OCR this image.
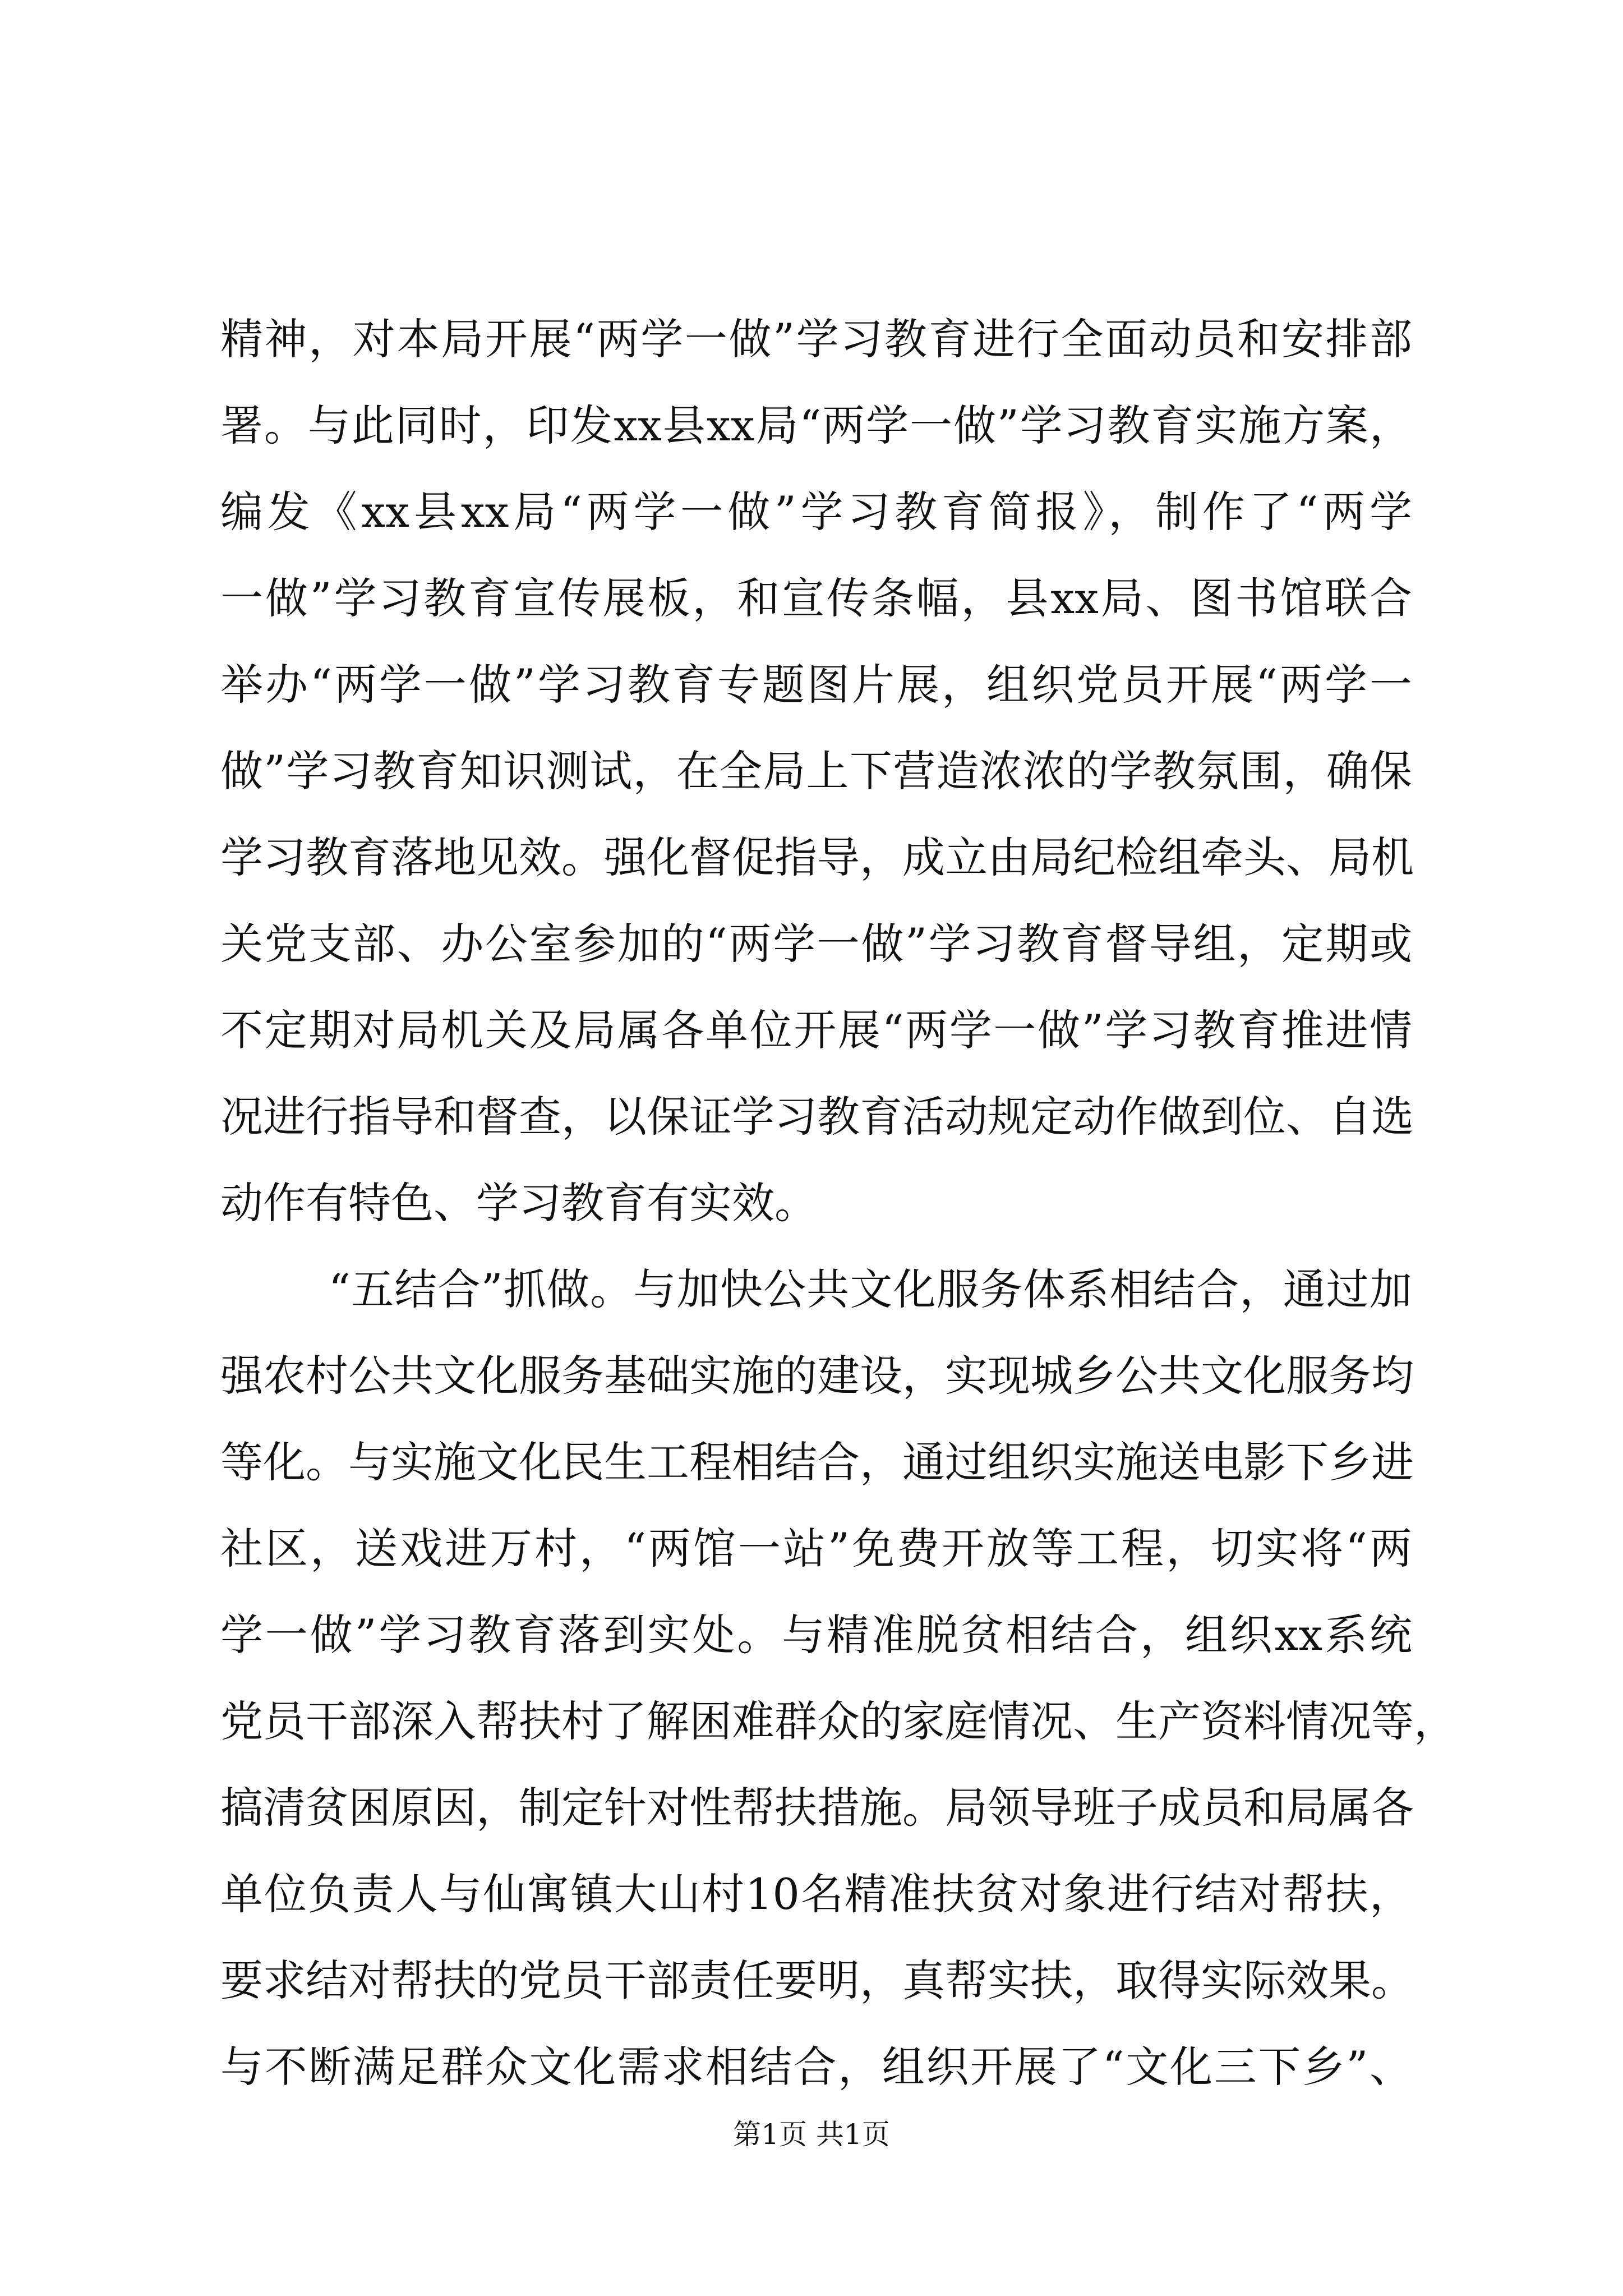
精神，对本局开展“两学一做”学习教育进行全面动员和安排部
署。与此同时，印发xx县xx局“两学一做”学习教育实施方案，
编发《xx县xx局“两学一做”学习教育简报》，制作了“两学
一做”学习教育宣传展板，和宣传条幅，县xx局、图书馆联合
举办“两学一做”学习教育专题图片展，组织党员开展“两学一
做”学习教育知识测试，在全局上下营造浓浓的学教氛围，确保
学习教育落地见效。强化督促指导，成立由局纪检组牵头、局机
关党支部、办公室参加的“两学一做”学习教育督导组，定期或
不定期对局机关及局属各单位开展“两学一做”学习教育推进情
况进行指导和督查，以保证学习教育活动规定动作做到位、自选
动作有特色、学习教育有实效。
“五结合”抓做。与加快公共文化服务体系相结合，通过加
强农村公共文化服务基础实施的建设，实现城乡公共文化服务均
等化。与实施文化民生工程相结合，通过组织实施送电影下乡进
社区，送戏进万村，“两馆一站”免费开放等工程，切实将“两
学一做”学习教育落到实处。与精准脱贫相结合，组织xx系统
党员干部深入帮扶村了解困难群众的家庭情况、生产资料情况等，
搞清贫困原因，制定针对性帮扶措施。局领导班子成员和局属各
单位负责人与仙寓镇大山村10名精准扶贫对象进行结对帮扶，
要求结对帮扶的党员干部责任要明，真帮实扶，取得实际效果。
与不断满足群众文化需求相结合，组织开展了“文化三下乡”、
第1页 共1页
